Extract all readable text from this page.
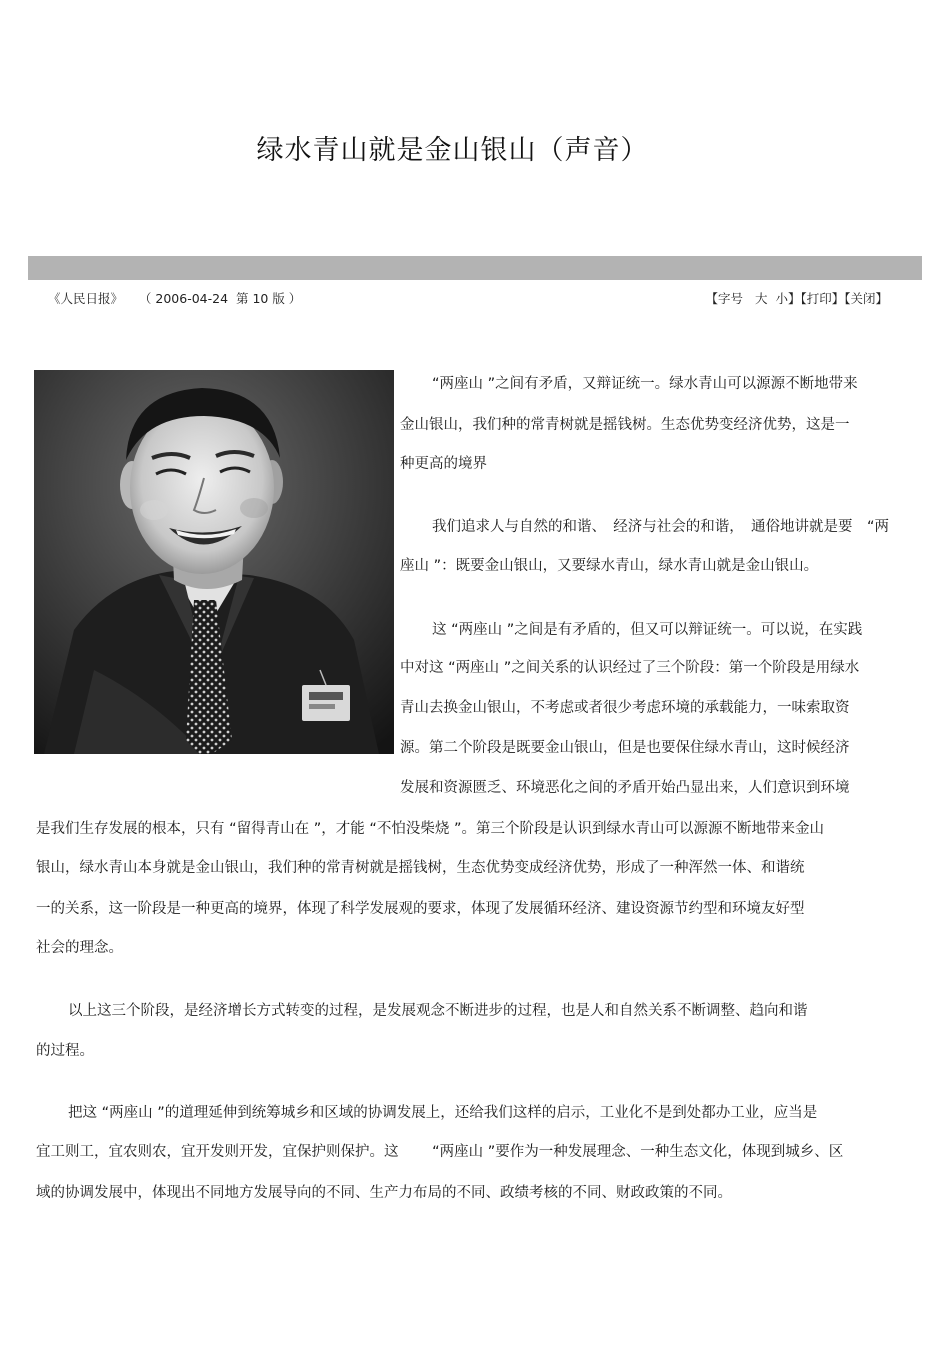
绿水青山就是金山银山（声音）
《人民日报》 （ 2006-04-24  第 10 版 ）	【字号 大 小】【打印】【关闭】
“两座山 ”之间有矛盾，又辩证统一。绿水青山可以源源不断地带来
金山银山，我们种的常青树就是摇钱树。生态优势变经济优势，这是一
种更高的境界
我们追求人与自然的和谐、　经济与社会的和谐，　通俗地讲就是要　“两
座山 ”：既要金山银山，又要绿水青山，绿水青山就是金山银山。
这 “两座山 ”之间是有矛盾的，但又可以辩证统一。可以说，在实践
中对这 “两座山 ”之间关系的认识经过了三个阶段：第一个阶段是用绿水
青山去换金山银山，不考虑或者很少考虑环境的承载能力，一味索取资
源。第二个阶段是既要金山银山，但是也要保住绿水青山，这时候经济
发展和资源匮乏、环境恶化之间的矛盾开始凸显出来，人们意识到环境
是我们生存发展的根本，只有 “留得青山在 ”，才能 “不怕没柴烧 ”。第三个阶段是认识到绿水青山可以源源不断地带来金山
银山，绿水青山本身就是金山银山，我们种的常青树就是摇钱树，生态优势变成经济优势，形成了一种浑然一体、和谐统
一的关系，这一阶段是一种更高的境界，体现了科学发展观的要求，体现了发展循环经济、建设资源节约型和环境友好型
社会的理念。
以上这三个阶段，是经济增长方式转变的过程，是发展观念不断进步的过程，也是人和自然关系不断调整、趋向和谐
的过程。
把这 “两座山 ”的道理延伸到统筹城乡和区域的协调发展上，还给我们这样的启示，工业化不是到处都办工业，应当是
宜工则工，宜农则农，宜开发则开发，宜保护则保护。这　　 “两座山 ”要作为一种发展理念、一种生态文化，体现到城乡、区
域的协调发展中，体现出不同地方发展导向的不同、生产力布局的不同、政绩考核的不同、财政政策的不同。
